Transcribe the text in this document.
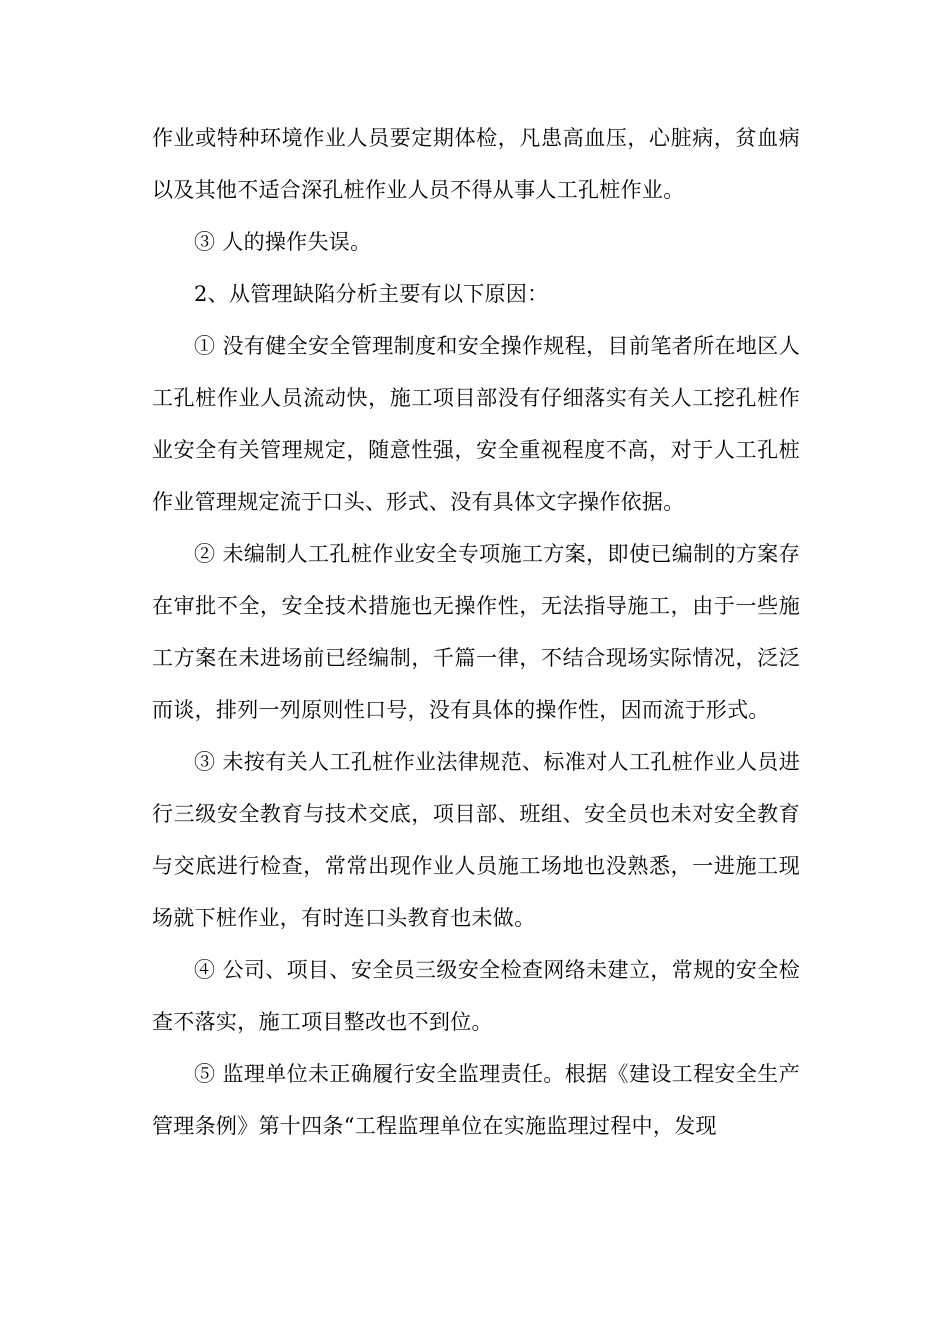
作业或特种环境作业人员要定期体检，凡患高血压，心脏病，贫血病以及其他不适合深孔桩作业人员不得从事人工孔桩作业。

③ 人的操作失误。

2、从管理缺陷分析主要有以下原因：

① 没有健全安全管理制度和安全操作规程，目前笔者所在地区人工孔桩作业人员流动快，施工项目部没有仔细落实有关人工挖孔桩作业安全有关管理规定，随意性强，安全重视程度不高，对于人工孔桩作业管理规定流于口头、形式、没有具体文字操作依据。

② 未编制人工孔桩作业安全专项施工方案，即使已编制的方案存在审批不全，安全技术措施也无操作性，无法指导施工，由于一些施工方案在未进场前已经编制，千篇一律，不结合现场实际情况，泛泛而谈，排列一列原则性口号，没有具体的操作性，因而流于形式。

③ 未按有关人工孔桩作业法律规范、标准对人工孔桩作业人员进行三级安全教育与技术交底，项目部、班组、安全员也未对安全教育与交底进行检查，常常出现作业人员施工场地也没熟悉，一进施工现场就下桩作业，有时连口头教育也未做。

④ 公司、项目、安全员三级安全检查网络未建立，常规的安全检查不落实，施工项目整改也不到位。

⑤ 监理单位未正确履行安全监理责任。根据《建设工程安全生产管理条例》第十四条“工程监理单位在实施监理过程中，发现
